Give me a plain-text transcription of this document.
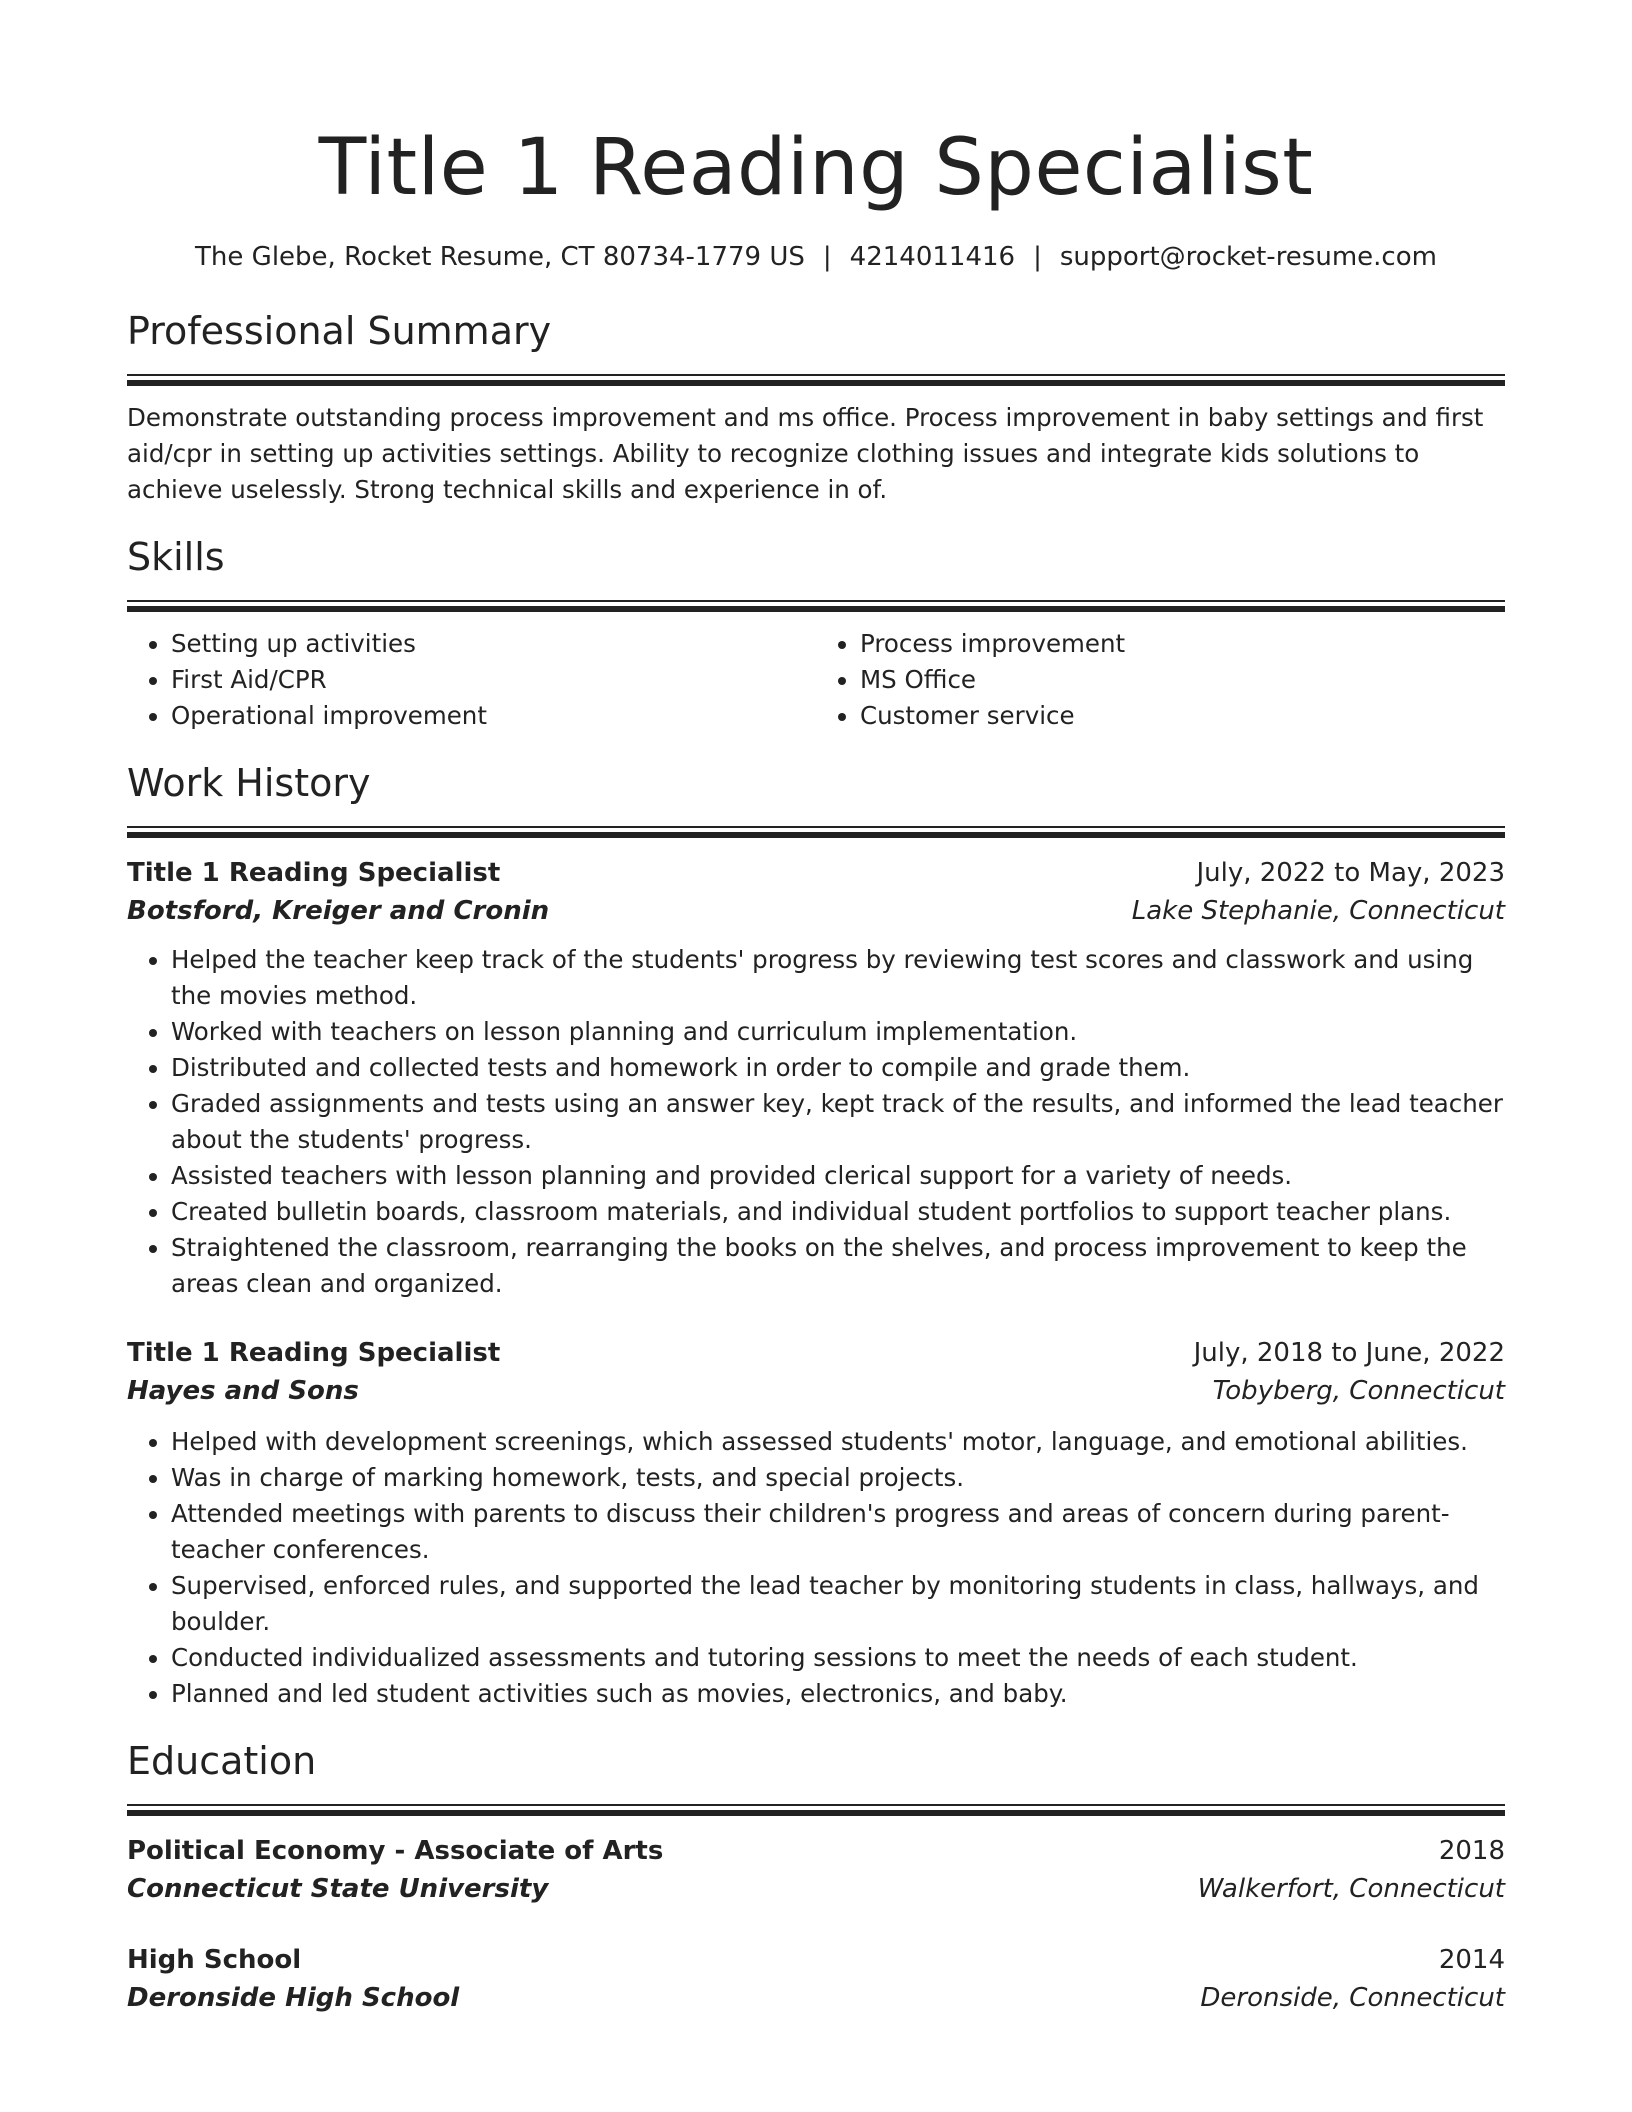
Title 1 Reading Specialist
The Glebe, Rocket Resume, CT 80734-1779 US | 4214011416 | support@rocket-resume.com
Professional Summary
Demonstrate outstanding process improvement and ms office. Process improvement in baby settings and first aid/cpr in setting up activities settings. Ability to recognize clothing issues and integrate kids solutions to achieve uselessly. Strong technical skills and experience in of.
Skills
• Setting up activities
• First Aid/CPR
• Operational improvement
• Process improvement
• MS Office
• Customer service
Work History
Title 1 Reading Specialist	July, 2022 to May, 2023
Botsford, Kreiger and Cronin	Lake Stephanie, Connecticut
• Helped the teacher keep track of the students' progress by reviewing test scores and classwork and using the movies method.
• Worked with teachers on lesson planning and curriculum implementation.
• Distributed and collected tests and homework in order to compile and grade them.
• Graded assignments and tests using an answer key, kept track of the results, and informed the lead teacher about the students' progress.
• Assisted teachers with lesson planning and provided clerical support for a variety of needs.
• Created bulletin boards, classroom materials, and individual student portfolios to support teacher plans.
• Straightened the classroom, rearranging the books on the shelves, and process improvement to keep the areas clean and organized.
Title 1 Reading Specialist	July, 2018 to June, 2022
Hayes and Sons	Tobyberg, Connecticut
• Helped with development screenings, which assessed students' motor, language, and emotional abilities.
• Was in charge of marking homework, tests, and special projects.
• Attended meetings with parents to discuss their children's progress and areas of concern during parent-teacher conferences.
• Supervised, enforced rules, and supported the lead teacher by monitoring students in class, hallways, and boulder.
• Conducted individualized assessments and tutoring sessions to meet the needs of each student.
• Planned and led student activities such as movies, electronics, and baby.
Education
Political Economy - Associate of Arts	2018
Connecticut State University	Walkerfort, Connecticut
High School	2014
Deronside High School	Deronside, Connecticut
